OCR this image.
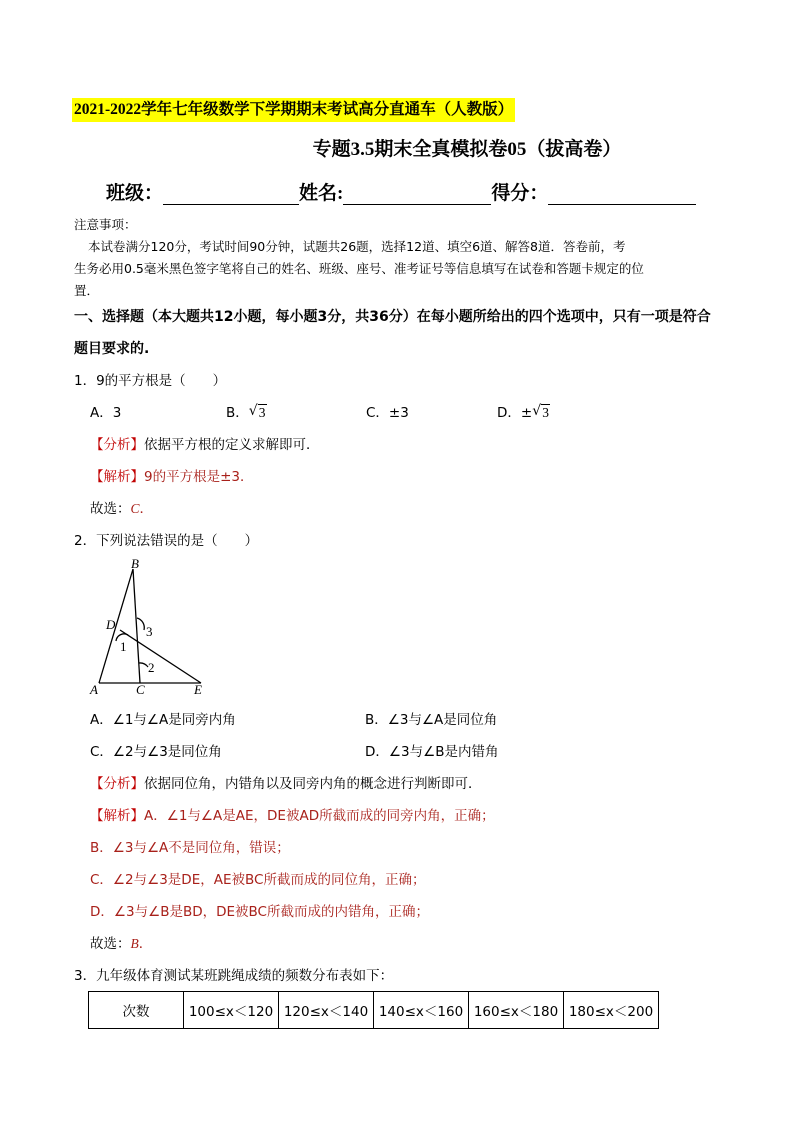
2021-2022学年七年级数学下学期期末考试高分直通车（人教版）
专题3.5期末全真模拟卷05（拔高卷）
班级：	姓名:	得分：
注意事项：
本试卷满分120分，考试时间90分钟，试题共26题，选择12道、填空6道、解答8道．答卷前，考
生务必用0.5毫米黑色签字笔将自己的姓名、班级、座号、准考证号等信息填写在试卷和答题卡规定的位
置．
一、选择题（本大题共12小题，每小题3分，共36分）在每小题所给出的四个选项中，只有一项是符合
题目要求的.
1．9的平方根是（　　）
A．3	B． √ 3	C．±3	D．± √ 3
【分析】依据平方根的定义求解即可．
【解析】9的平方根是±3．
故选：C．
2．下列说法错误的是（　　）
B
D
1
3
2
A	C	E
A．∠1与∠A是同旁内角	B．∠3与∠A是同位角
C．∠2与∠3是同位角	D．∠3与∠B是内错角
【分析】依据同位角，内错角以及同旁内角的概念进行判断即可．
【解析】A．∠1与∠A是AE，DE被AD所截而成的同旁内角，正确；
B．∠3与∠A不是同位角，错误；
C．∠2与∠3是DE，AE被BC所截而成的同位角，正确；
D．∠3与∠B是BD，DE被BC所截而成的内错角，正确；
故选：B．
3．九年级体育测试某班跳绳成绩的频数分布表如下：
次数	100≤x＜120	120≤x＜140	140≤x＜160	160≤x＜180	180≤x＜200
